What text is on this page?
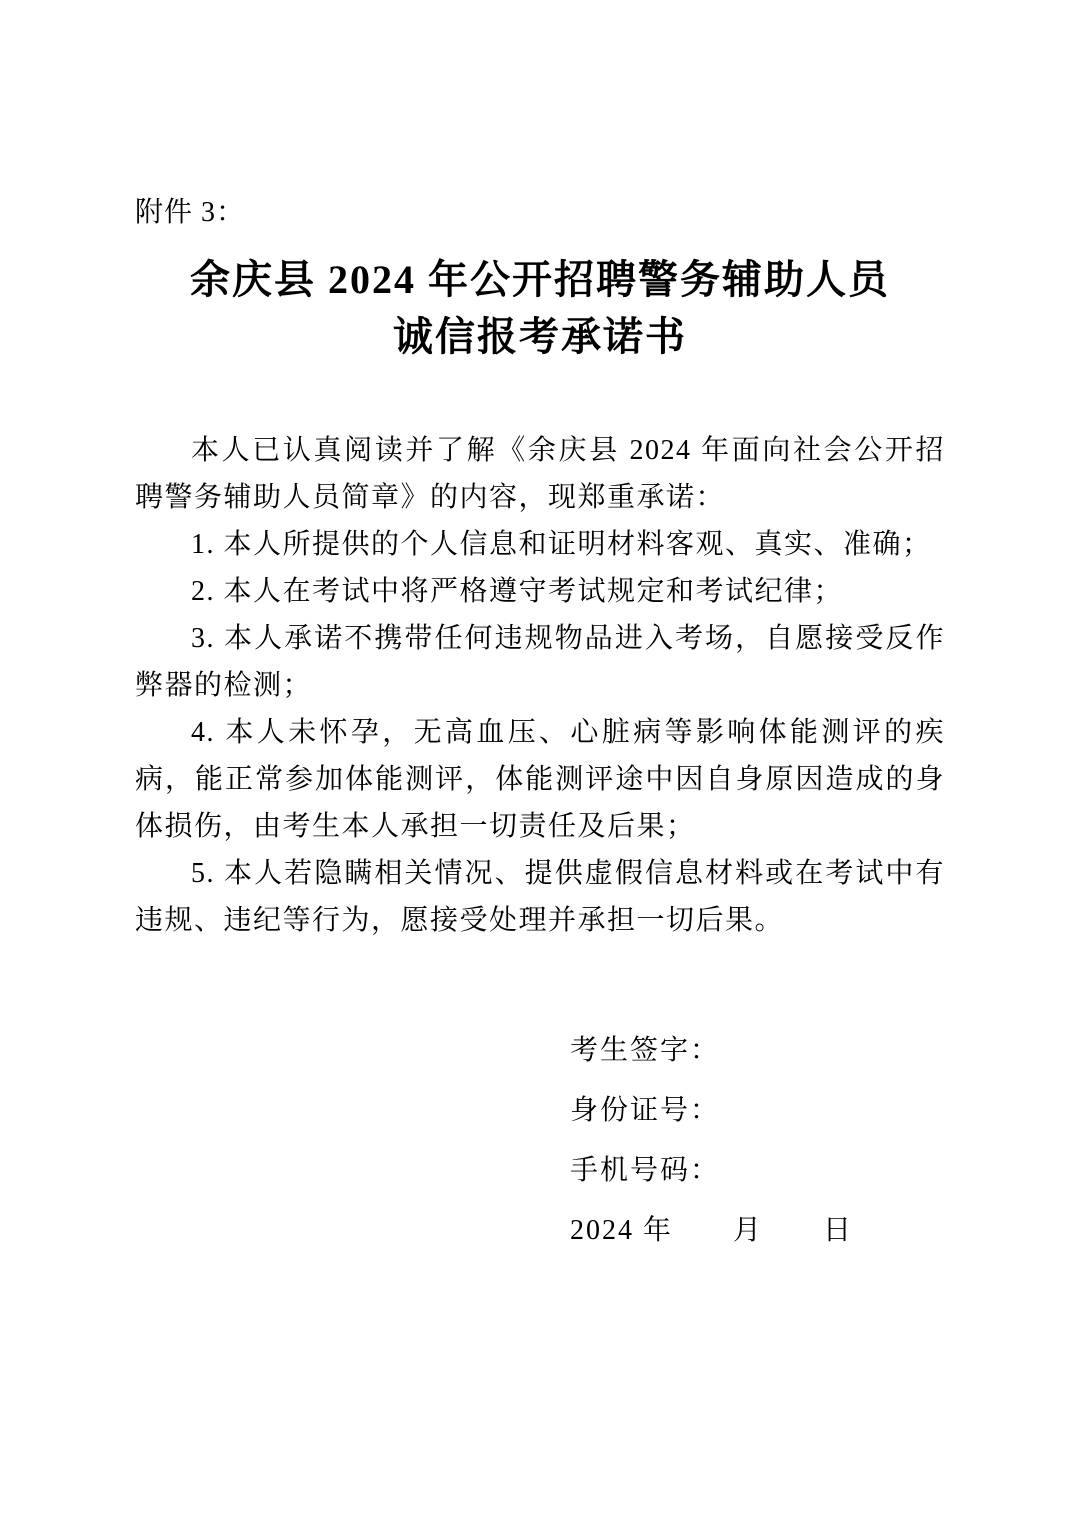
附件 3：
余庆县 2024 年公开招聘警务辅助人员
诚信报考承诺书

本人已认真阅读并了解《余庆县 2024 年面向社会公开招聘警务辅助人员简章》的内容，现郑重承诺：

1. 本人所提供的个人信息和证明材料客观、真实、准确；

2. 本人在考试中将严格遵守考试规定和考试纪律；

3. 本人承诺不携带任何违规物品进入考场，自愿接受反作弊器的检测；

4. 本人未怀孕，无高血压、心脏病等影响体能测评的疾病，能正常参加体能测评，体能测评途中因自身原因造成的身体损伤，由考生本人承担一切责任及后果；

5. 本人若隐瞒相关情况、提供虚假信息材料或在考试中有违规、违纪等行为，愿接受处理并承担一切后果。

考生签字：
身份证号：
手机号码：
2024 年　　月　　日
